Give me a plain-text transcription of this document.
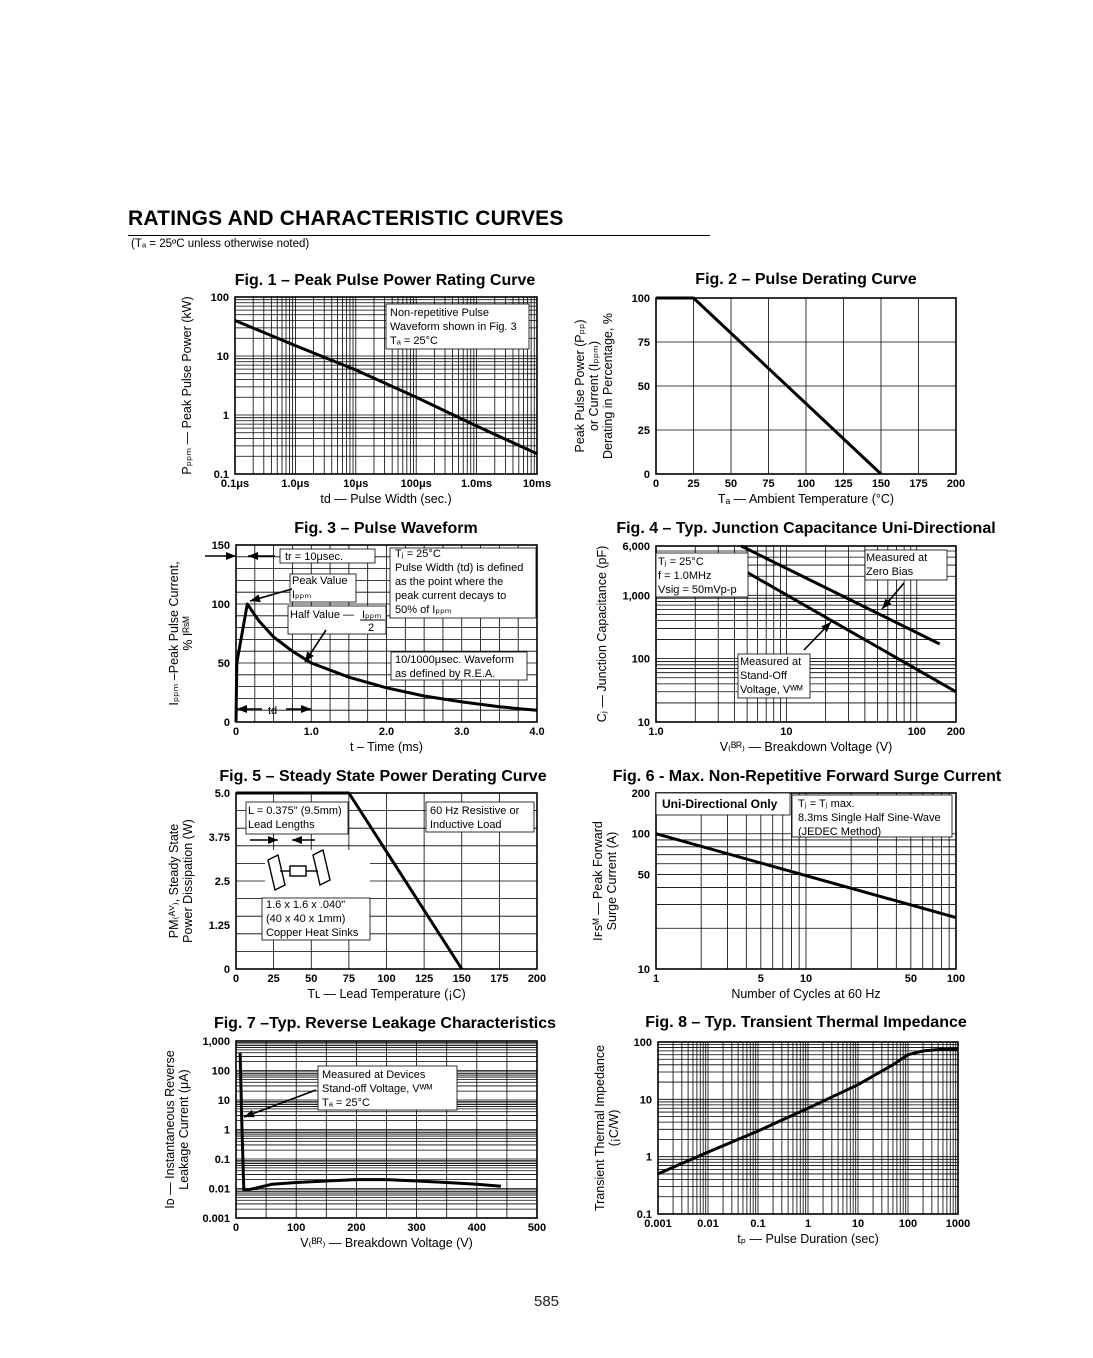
RATINGS AND CHARACTERISTIC CURVES
(Tₐ = 25ºC unless otherwise noted)
0.1μs	1.0μs	10μs	100μs	1.0ms	10ms
0.1
1
10
100
Fig. 1 – Peak Pulse Power Rating Curve
td — Pulse Width (sec.)
Pₚₚₘ — Peak Pulse Power (kW)	Non-repetitive Pulse
Waveform shown in Fig. 3
Tₐ = 25°C
0	25 50 75 100 125 150 175 200
0
25
50
75
100
Fig. 2 – Pulse Derating Curve
Tₐ — Ambient Temperature (°C)
Peak Pulse Power (Pₚₚ) or Current (Iₚₚₘ) Derating in Percentage, %
0	1.0	2.0	3.0	4.0
0
50
100
150
Fig. 3 – Pulse Waveform
t – Time (ms)
Iₚₚₘ –Peak Pulse Current, % Iᴿˢᴹ
tr = 10μsec.	Tⱼ = 25°C
Pulse Width (td) is defined
as the point where the
peak current decays to
50% of Iₚₚₘ
Peak Value
Iₚₚₘ
Half Value — Iₚₚₘ
2
10/1000μsec. Waveform
as defined by R.E.A.
td
1.0	10	100 200
10
100
1,000
6,000
Fig. 4 – Typ. Junction Capacitance Uni-Directional
V₍ᴮᴿ₎ — Breakdown Voltage (V)
Cⱼ — Junction Capacitance (pF)	Tⱼ = 25°C
f = 1.0MHz
Vsig = 50mVp-p
Measured at
Zero Bias
Measured at
Stand-Off
Voltage, Vᵂᴹ
0	25 50 75 100 125 150 175 200
0
1.25
2.5
3.75
5.0
Fig. 5 – Steady State Power Derating Curve
Tʟ — Lead Temperature (¡C)
PM₍ᴬⱽ₎, Steady State Power Dissipation (W)
L = 0.375" (9.5mm)
Lead Lengths
60 Hz Resistive or
Inductive Load
1.6 x 1.6 x .040"
(40 x 40 x 1mm)
Copper Heat Sinks
1	5	10	50	100
10
50
100
200
Fig. 6 - Max. Non-Repetitive Forward Surge Current
Number of Cycles at 60 Hz
Iꜰꜱᴹ — Peak Forward Surge Current (A)
Uni-Directional Only Tⱼ = Tⱼ max.
8.3ms Single Half Sine-Wave
(JEDEC Method)
0	100	200	300	400	500
0.001
0.01
0.1
1
10
100
1,000
Fig. 7 –Typ. Reverse Leakage Characteristics
V₍ᴮᴿ₎ — Breakdown Voltage (V)
Iᴅ — Instantaneous Reverse Leakage Current (μA)	Measured at Devices
Stand-off Voltage, Vᵂᴹ
Tₐ = 25°C
0.001 0.01	0.1	1	10	100	1000
0.1
1
10
100
Fig. 8 – Typ. Transient Thermal Impedance
tₚ — Pulse Duration (sec)
Transient Thermal Impedance (¡C/W)
585
